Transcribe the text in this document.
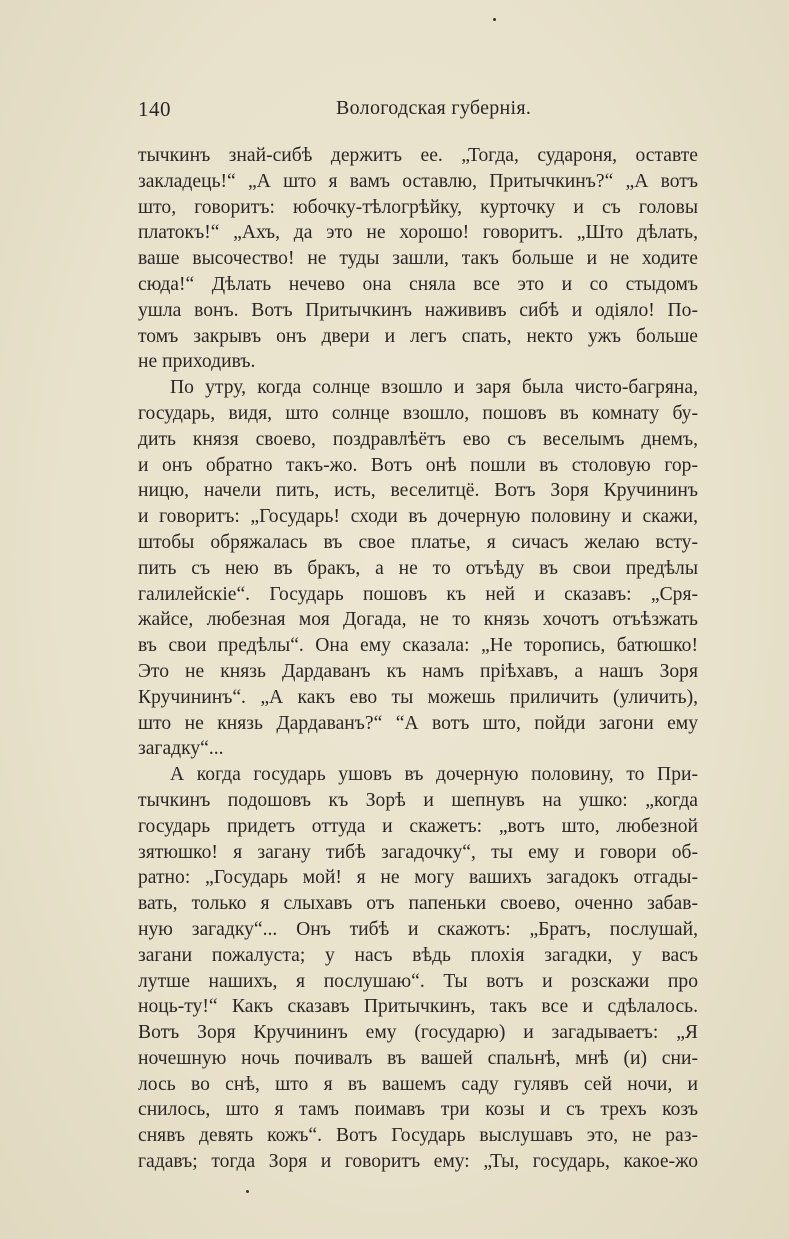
140	Вологодская губернія.
тычкинъ знай-сибѣ держитъ ее. „Тогда, судароня, оставте
закладець!“ „А што я вамъ оставлю, Притычкинъ?“ „А вотъ
што, говоритъ: юбочку-тѣлогрѣйку, курточку и съ головы
платокъ!“ „Ахъ, да это не хорошо! говоритъ. „Што дѣлать,
ваше высочество! не туды зашли, такъ больше и не ходите
сюда!“ Дѣлать нечево она сняла все это и со стыдомъ
ушла вонъ. Вотъ Притычкинъ нажививъ сибѣ и одіяло! По-
томъ закрывъ онъ двери и легъ спать, некто ужъ больше
не приходивъ.
По утру, когда солнце взошло и заря была чисто-багряна,
государь, видя, што солнце взошло, пошовъ въ комнату бу-
дить князя своево, поздравлѣётъ ево съ веселымъ днемъ,
и онъ обратно такъ-жо. Вотъ онѣ пошли въ столовую гор-
ницю, начели пить, исть, веселитцё. Вотъ Зоря Кручининъ
и говоритъ: „Государь! сходи въ дочерную половину и скажи,
штобы обряжалась въ свое платье, я сичасъ желаю всту-
пить съ нею въ бракъ, а не то отъѣду въ свои предѣлы
галилейскіе“. Государь пошовъ къ ней и сказавъ: „Сря-
жайсе, любезная моя Догада, не то князь хочотъ отъѣзжать
въ свои предѣлы“. Она ему сказала: „Не торопись, батюшко!
Это не князь Дардаванъ къ намъ пріѣхавъ, а нашъ Зоря
Кручининъ“. „А какъ ево ты можешь приличить (уличить),
што не князь Дардаванъ?“ “А вотъ што, пойди загони ему
загадку“...
А когда государь ушовъ въ дочерную половину, то При-
тычкинъ подошовъ къ Зорѣ и шепнувъ на ушко: „когда
государь придетъ оттуда и скажетъ: „вотъ што, любезной
зятюшко! я загану тибѣ загадочку“, ты ему и говори об-
ратно: „Государь мой! я не могу вашихъ загадокъ отгады-
вать, только я слыхавъ отъ папеньки своево, оченно забав-
ную загадку“... Онъ тибѣ и скажотъ: „Братъ, послушай,
загани пожалуста; у насъ вѣдь плохія загадки, у васъ
лутше нашихъ, я послушаю“. Ты вотъ и розскажи про
ноць-ту!“ Какъ сказавъ Притычкинъ, такъ все и сдѣлалось.
Вотъ Зоря Кручининъ ему (государю) и загадываетъ: „Я
ночешную ночь почивалъ въ вашей спальнѣ, мнѣ (и) сни-
лось во снѣ, што я въ вашемъ саду гулявъ сей ночи, и
снилось, што я тамъ поимавъ три козы и съ трехъ козъ
снявъ девять кожъ“. Вотъ Государь выслушавъ это, не раз-
гадавъ; тогда Зоря и говоритъ ему: „Ты, государь, какое-жо
